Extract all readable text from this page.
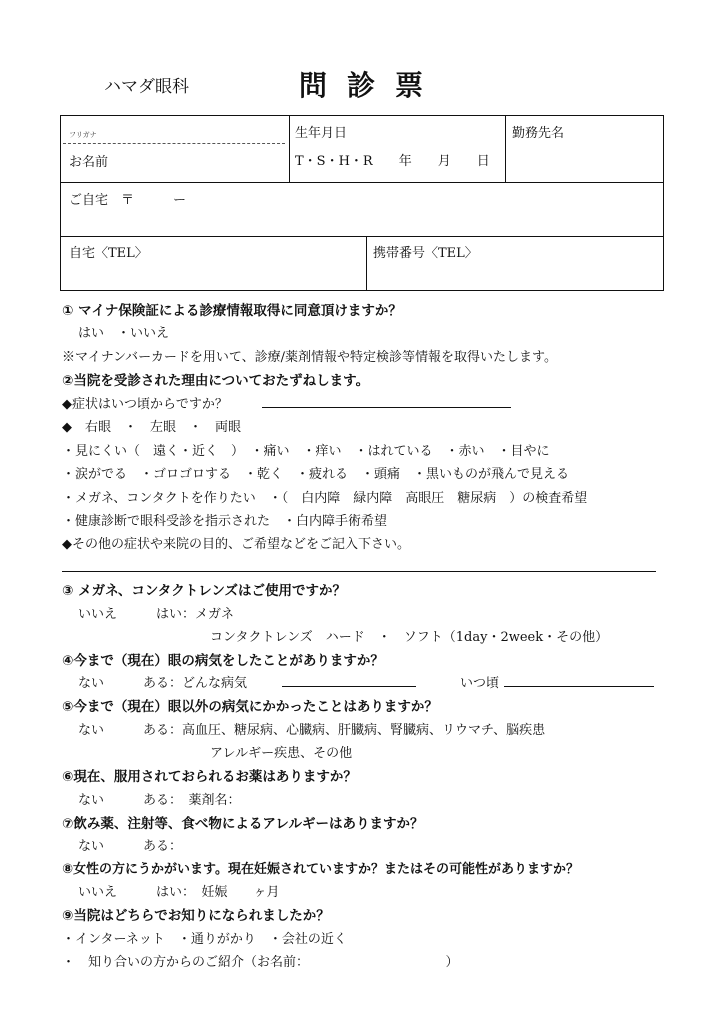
ハマダ眼科	問診票
フリガナ
お名前
生年月日
T・S・H・R　　年　　月　　日
勤務先名
ご自宅　〒　　　ー
自宅〈TEL〉	携帯番号〈TEL〉
① マイナ保険証による診療情報取得に同意頂けますか？
はい　・いいえ
※マイナンバーカードを用いて、診療/薬剤情報や特定検診等情報を取得いたします。
②当院を受診された理由についておたずねします。
◆症状はいつ頃からですか？
◆　右眼　・　左眼　・　両眼
・見にくい（　遠く・近く　）　・痛い　・痒い　・はれている　・赤い　・目やに
・涙がでる　・ゴロゴロする　・乾く　・疲れる　・頭痛　・黒いものが飛んで見える
・メガネ、コンタクトを作りたい　・（　白内障　緑内障　高眼圧　糖尿病　）の検査希望
・健康診断で眼科受診を指示された　・白内障手術希望
◆その他の症状や来院の目的、ご希望などをご記入下さい。
③ メガネ、コンタクトレンズはご使用ですか？
いいえ　　　はい：メガネ
コンタクトレンズ　ハード　・　ソフト（1day・2week・その他）
④今まで（現在）眼の病気をしたことがありますか？
ない　　　ある：どんな病気	いつ頃
⑤今まで（現在）眼以外の病気にかかったことはありますか？
ない　　　ある：高血圧、糖尿病、心臓病、肝臓病、腎臓病、リウマチ、脳疾患
アレルギー疾患、その他
⑥現在、服用されておられるお薬はありますか？
ない　　　ある：　薬剤名：
⑦飲み薬、注射等、食べ物によるアレルギーはありますか？
ない　　　ある：
⑧女性の方にうかがいます。現在妊娠されていますか？またはその可能性がありますか？
いいえ　　　はい：　妊娠　　ヶ月
⑨当院はどちらでお知りになられましたか？
・インターネット　・通りがかり　・会社の近く
・　知り合いの方からのご紹介（お名前：　　　　　　　　　　　）
